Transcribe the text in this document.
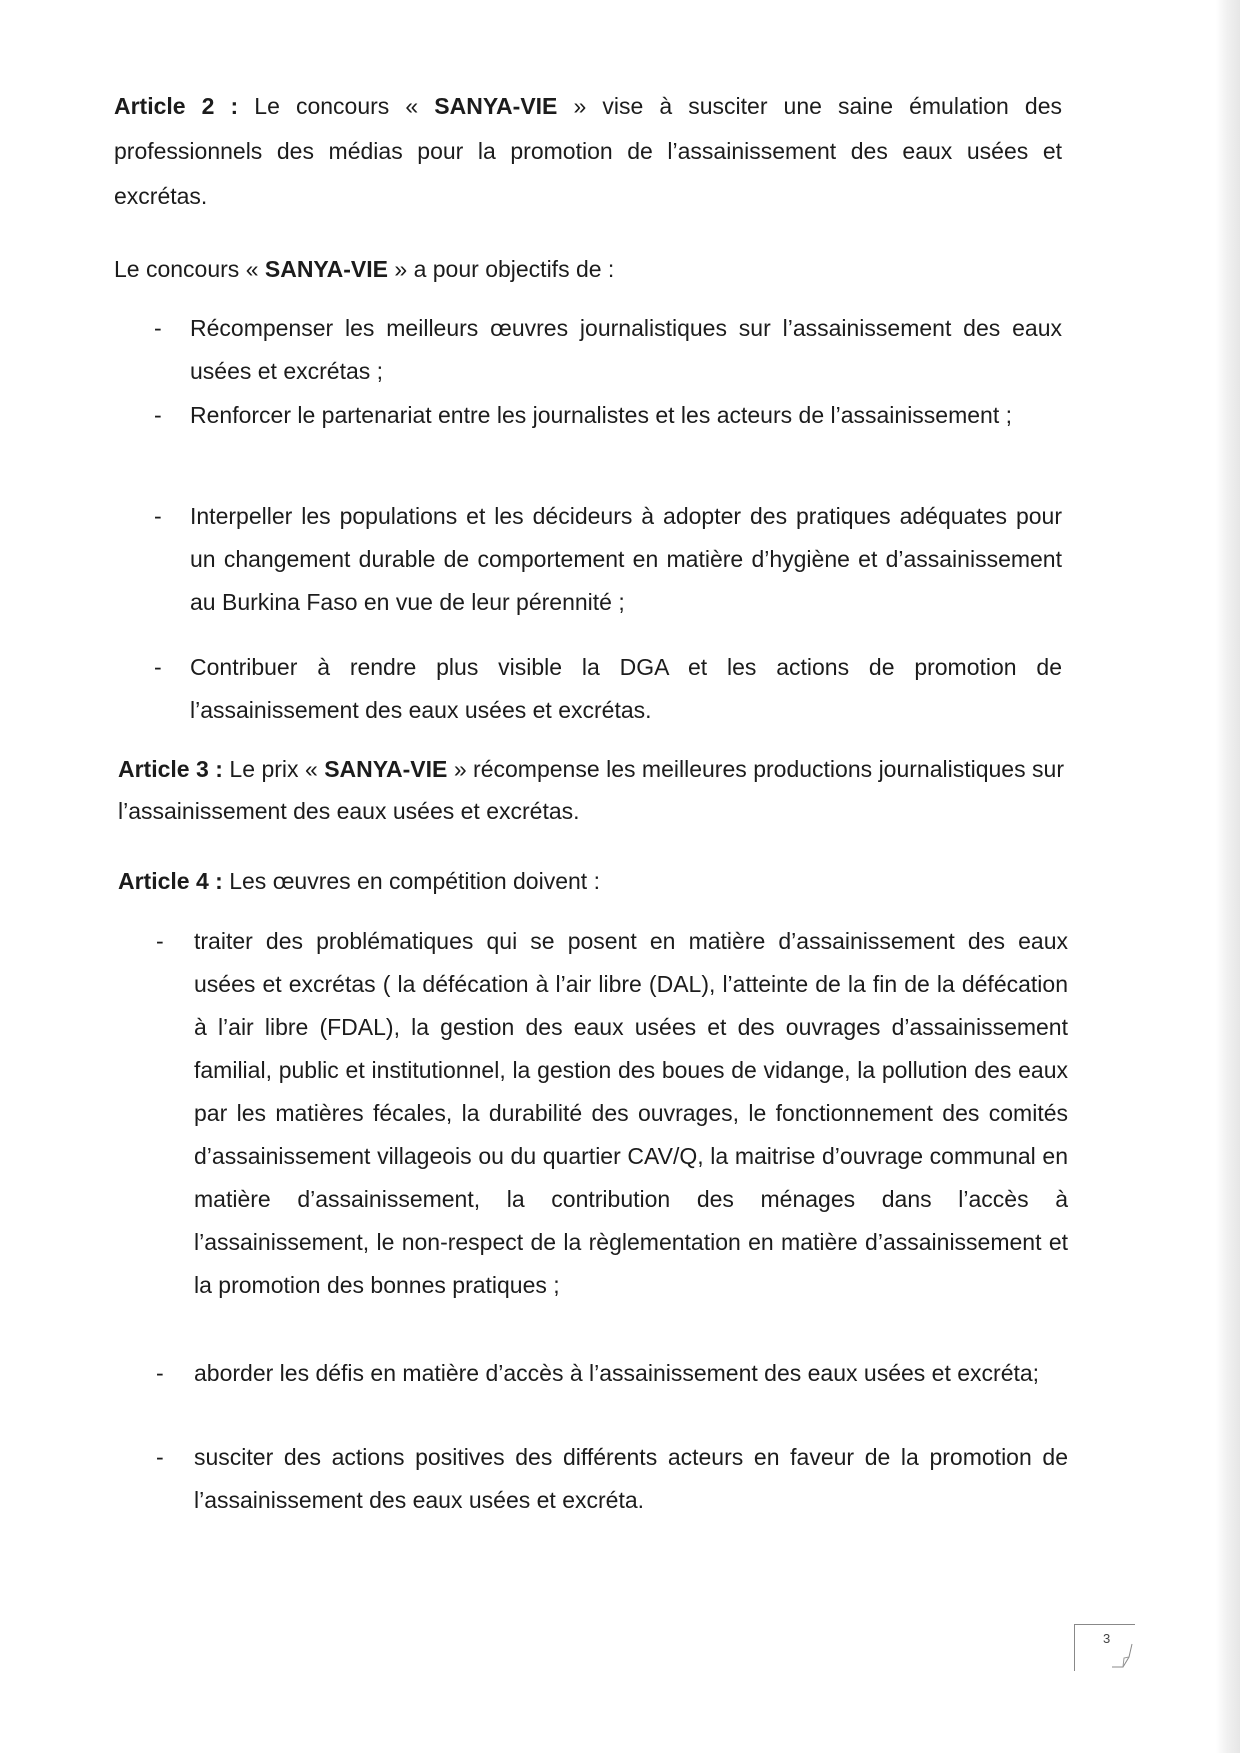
Article 2 : Le concours « SANYA-VIE » vise à susciter une saine émulation des professionnels des médias pour la promotion de l’assainissement des eaux usées et excrétas.

Le concours « SANYA-VIE » a pour objectifs de :

-	Récompenser les meilleurs œuvres journalistiques sur l’assainissement des eaux usées et excrétas ;
-	Renforcer le partenariat entre les journalistes et les acteurs de l’assainissement ;
-	Interpeller les populations et les décideurs à adopter des pratiques adéquates pour un changement durable de comportement en matière d’hygiène et d’assainissement au Burkina Faso en vue de leur pérennité ;
-	Contribuer à rendre plus visible la DGA et les actions de promotion de l’assainissement des eaux usées et excrétas.

Article 3 : Le prix « SANYA-VIE » récompense les meilleures productions journalistiques sur l’assainissement des eaux usées et excrétas.

Article 4 : Les œuvres en compétition doivent :

-	traiter des problématiques qui se posent en matière d’assainissement des eaux usées et excrétas ( la défécation à l’air libre (DAL), l’atteinte de la fin de la défécation à l’air libre (FDAL), la gestion des eaux usées et des ouvrages d’assainissement familial, public et institutionnel, la gestion des boues de vidange, la pollution des eaux par les matières fécales, la durabilité des ouvrages, le fonctionnement des comités d’assainissement villageois ou du quartier CAV/Q, la maitrise d’ouvrage communal en matière d’assainissement, la contribution des ménages dans l’accès à l’assainissement, le non-respect de la règlementation en matière d’assainissement et la promotion des bonnes pratiques ;
-	aborder les défis en matière d’accès à l’assainissement des eaux usées et excréta;
-	susciter des actions positives des différents acteurs en faveur de la promotion de l’assainissement des eaux usées et excréta.
3
